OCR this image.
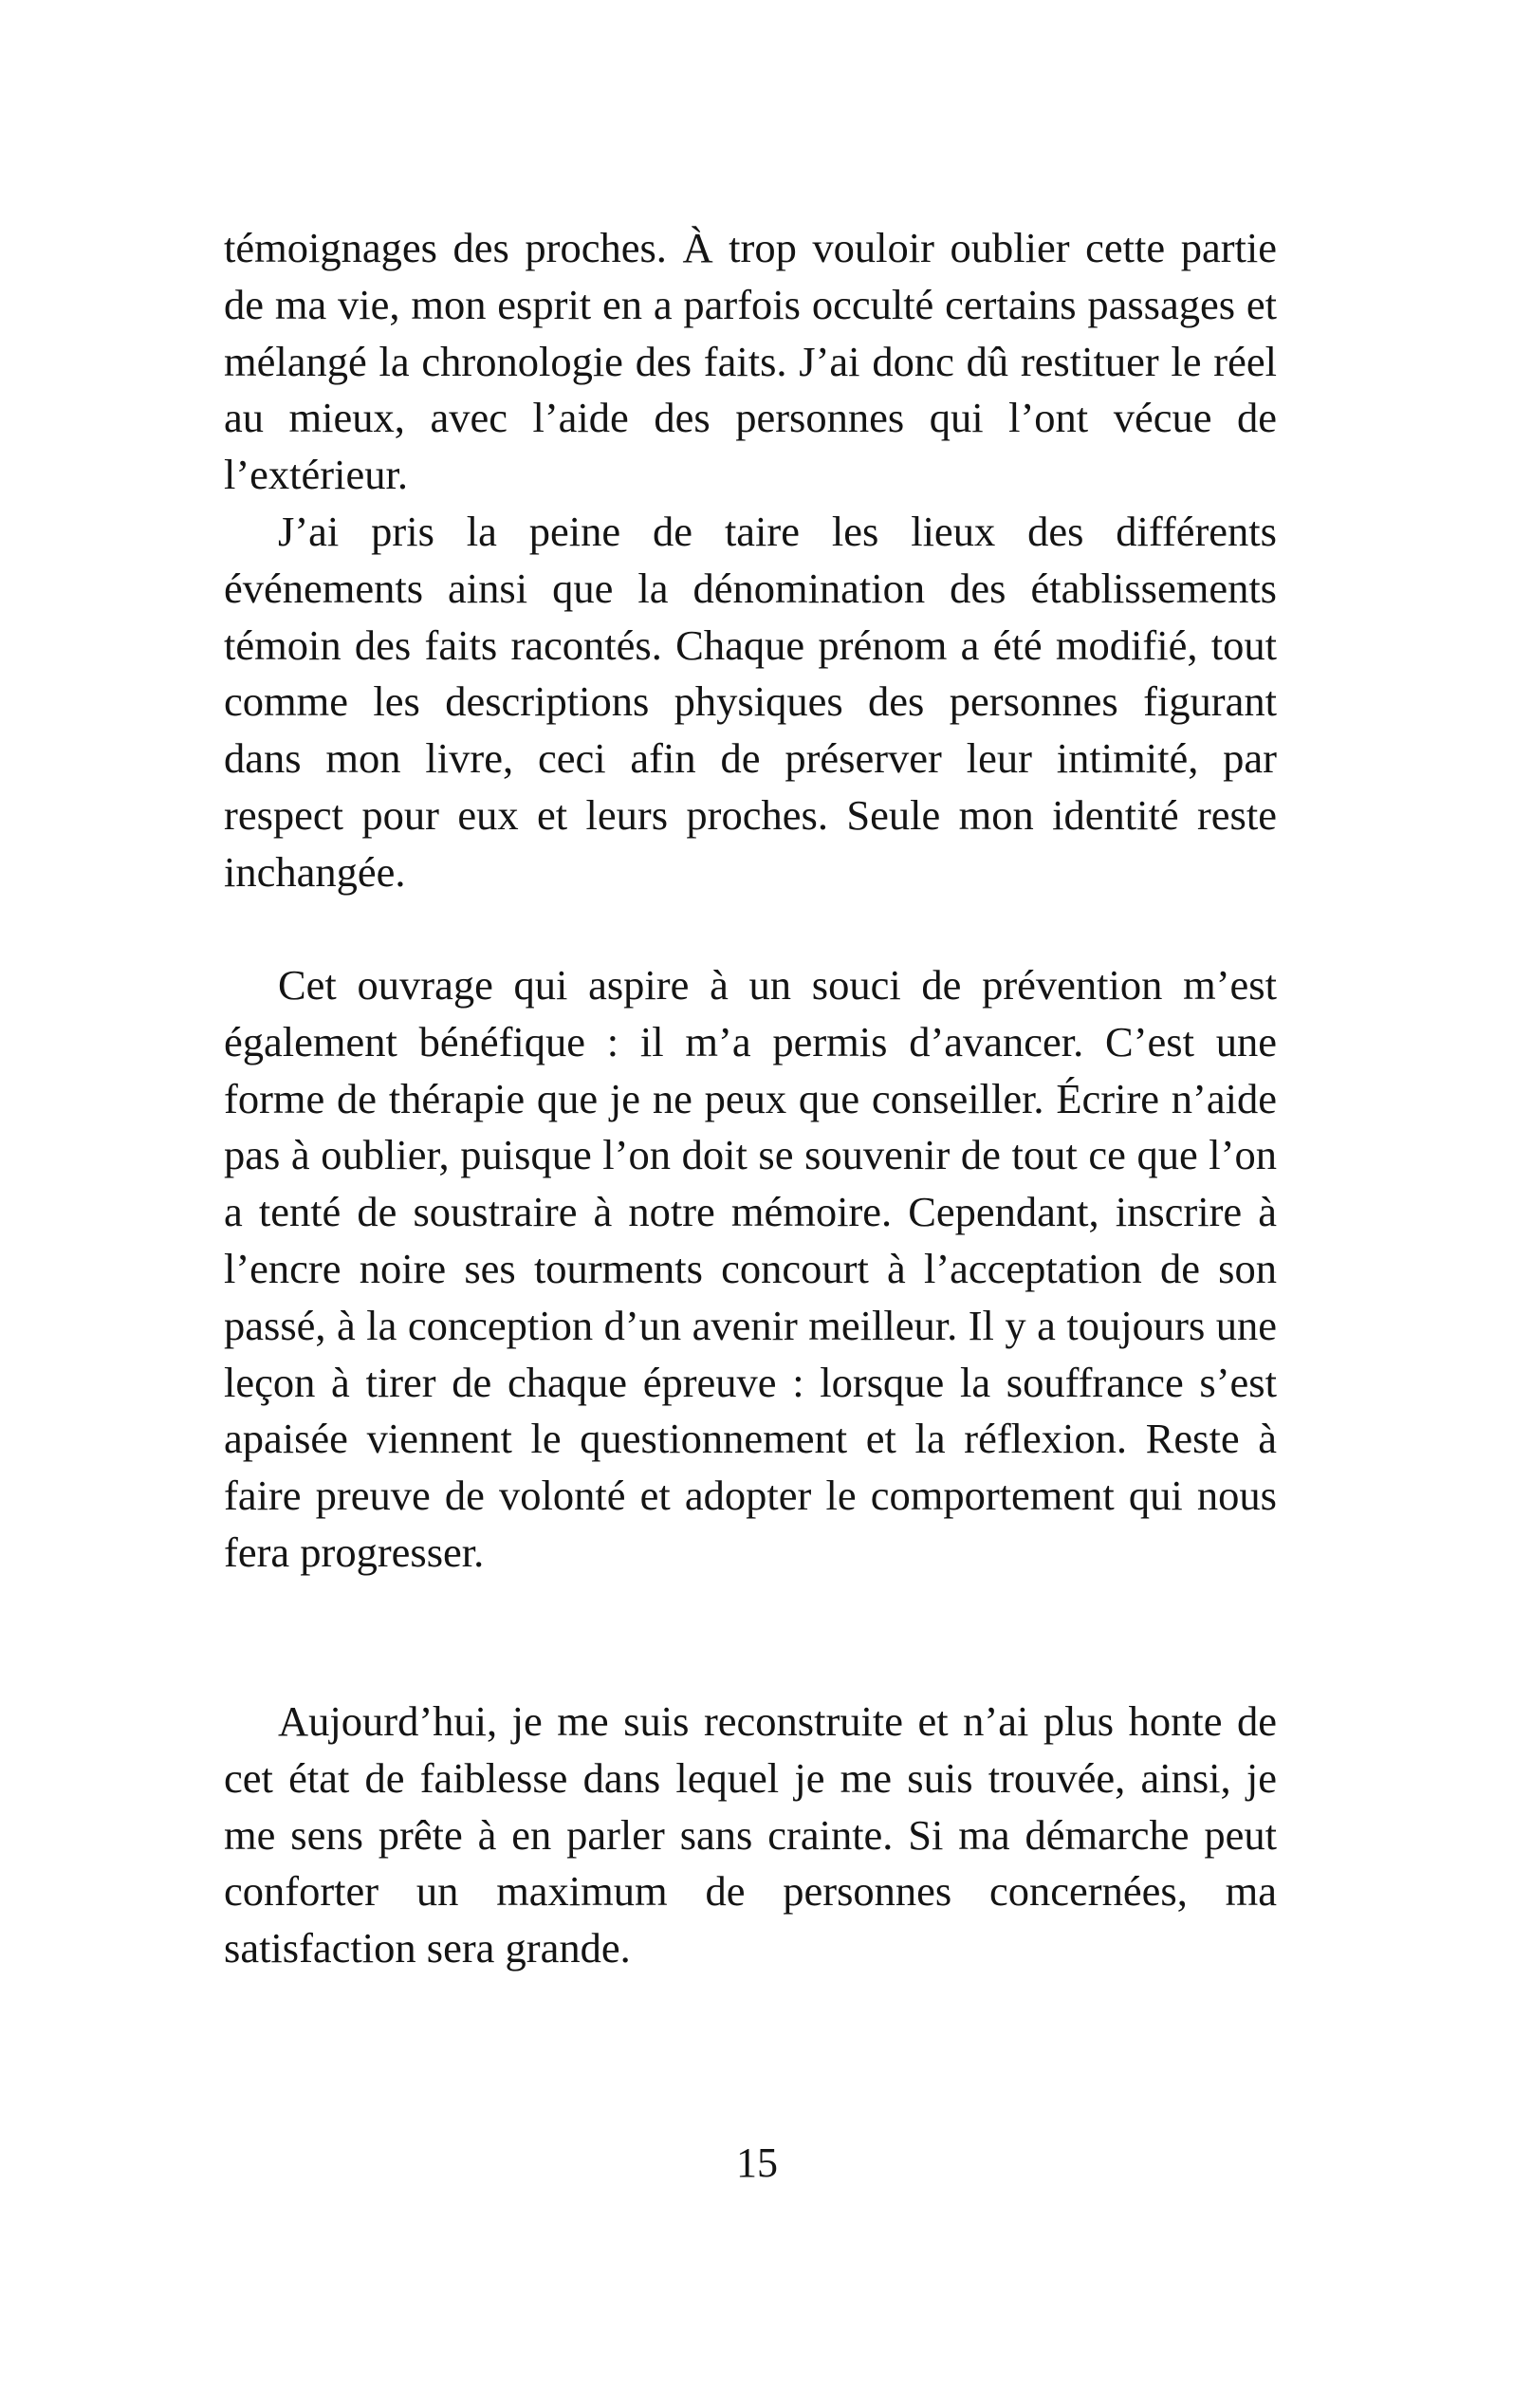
témoignages des proches. À trop vouloir oublier cette partie de ma vie, mon esprit en a parfois occulté certains passages et mélangé la chronologie des faits. J’ai donc dû restituer le réel au mieux, avec l’aide des personnes qui l’ont vécue de l’extérieur.

J’ai pris la peine de taire les lieux des différents événements ainsi que la dénomination des établissements témoin des faits racontés. Chaque prénom a été modifié, tout comme les descriptions physiques des personnes figurant dans mon livre, ceci afin de préserver leur intimité, par respect pour eux et leurs proches. Seule mon identité reste inchangée.

Cet ouvrage qui aspire à un souci de prévention m’est également bénéfique : il m’a permis d’avancer. C’est une forme de thérapie que je ne peux que conseiller. Écrire n’aide pas à oublier, puisque l’on doit se souvenir de tout ce que l’on a tenté de soustraire à notre mémoire. Cependant, inscrire à l’encre noire ses tourments concourt à l’acceptation de son passé, à la conception d’un avenir meilleur. Il y a toujours une leçon à tirer de chaque épreuve : lorsque la souffrance s’est apaisée viennent le questionnement et la réflexion. Reste à faire preuve de volonté et adopter le comportement qui nous fera progresser.

Aujourd’hui, je me suis reconstruite et n’ai plus honte de cet état de faiblesse dans lequel je me suis trouvée, ainsi, je me sens prête à en parler sans crainte. Si ma démarche peut conforter un maximum de personnes concernées, ma satisfaction sera grande.

15
